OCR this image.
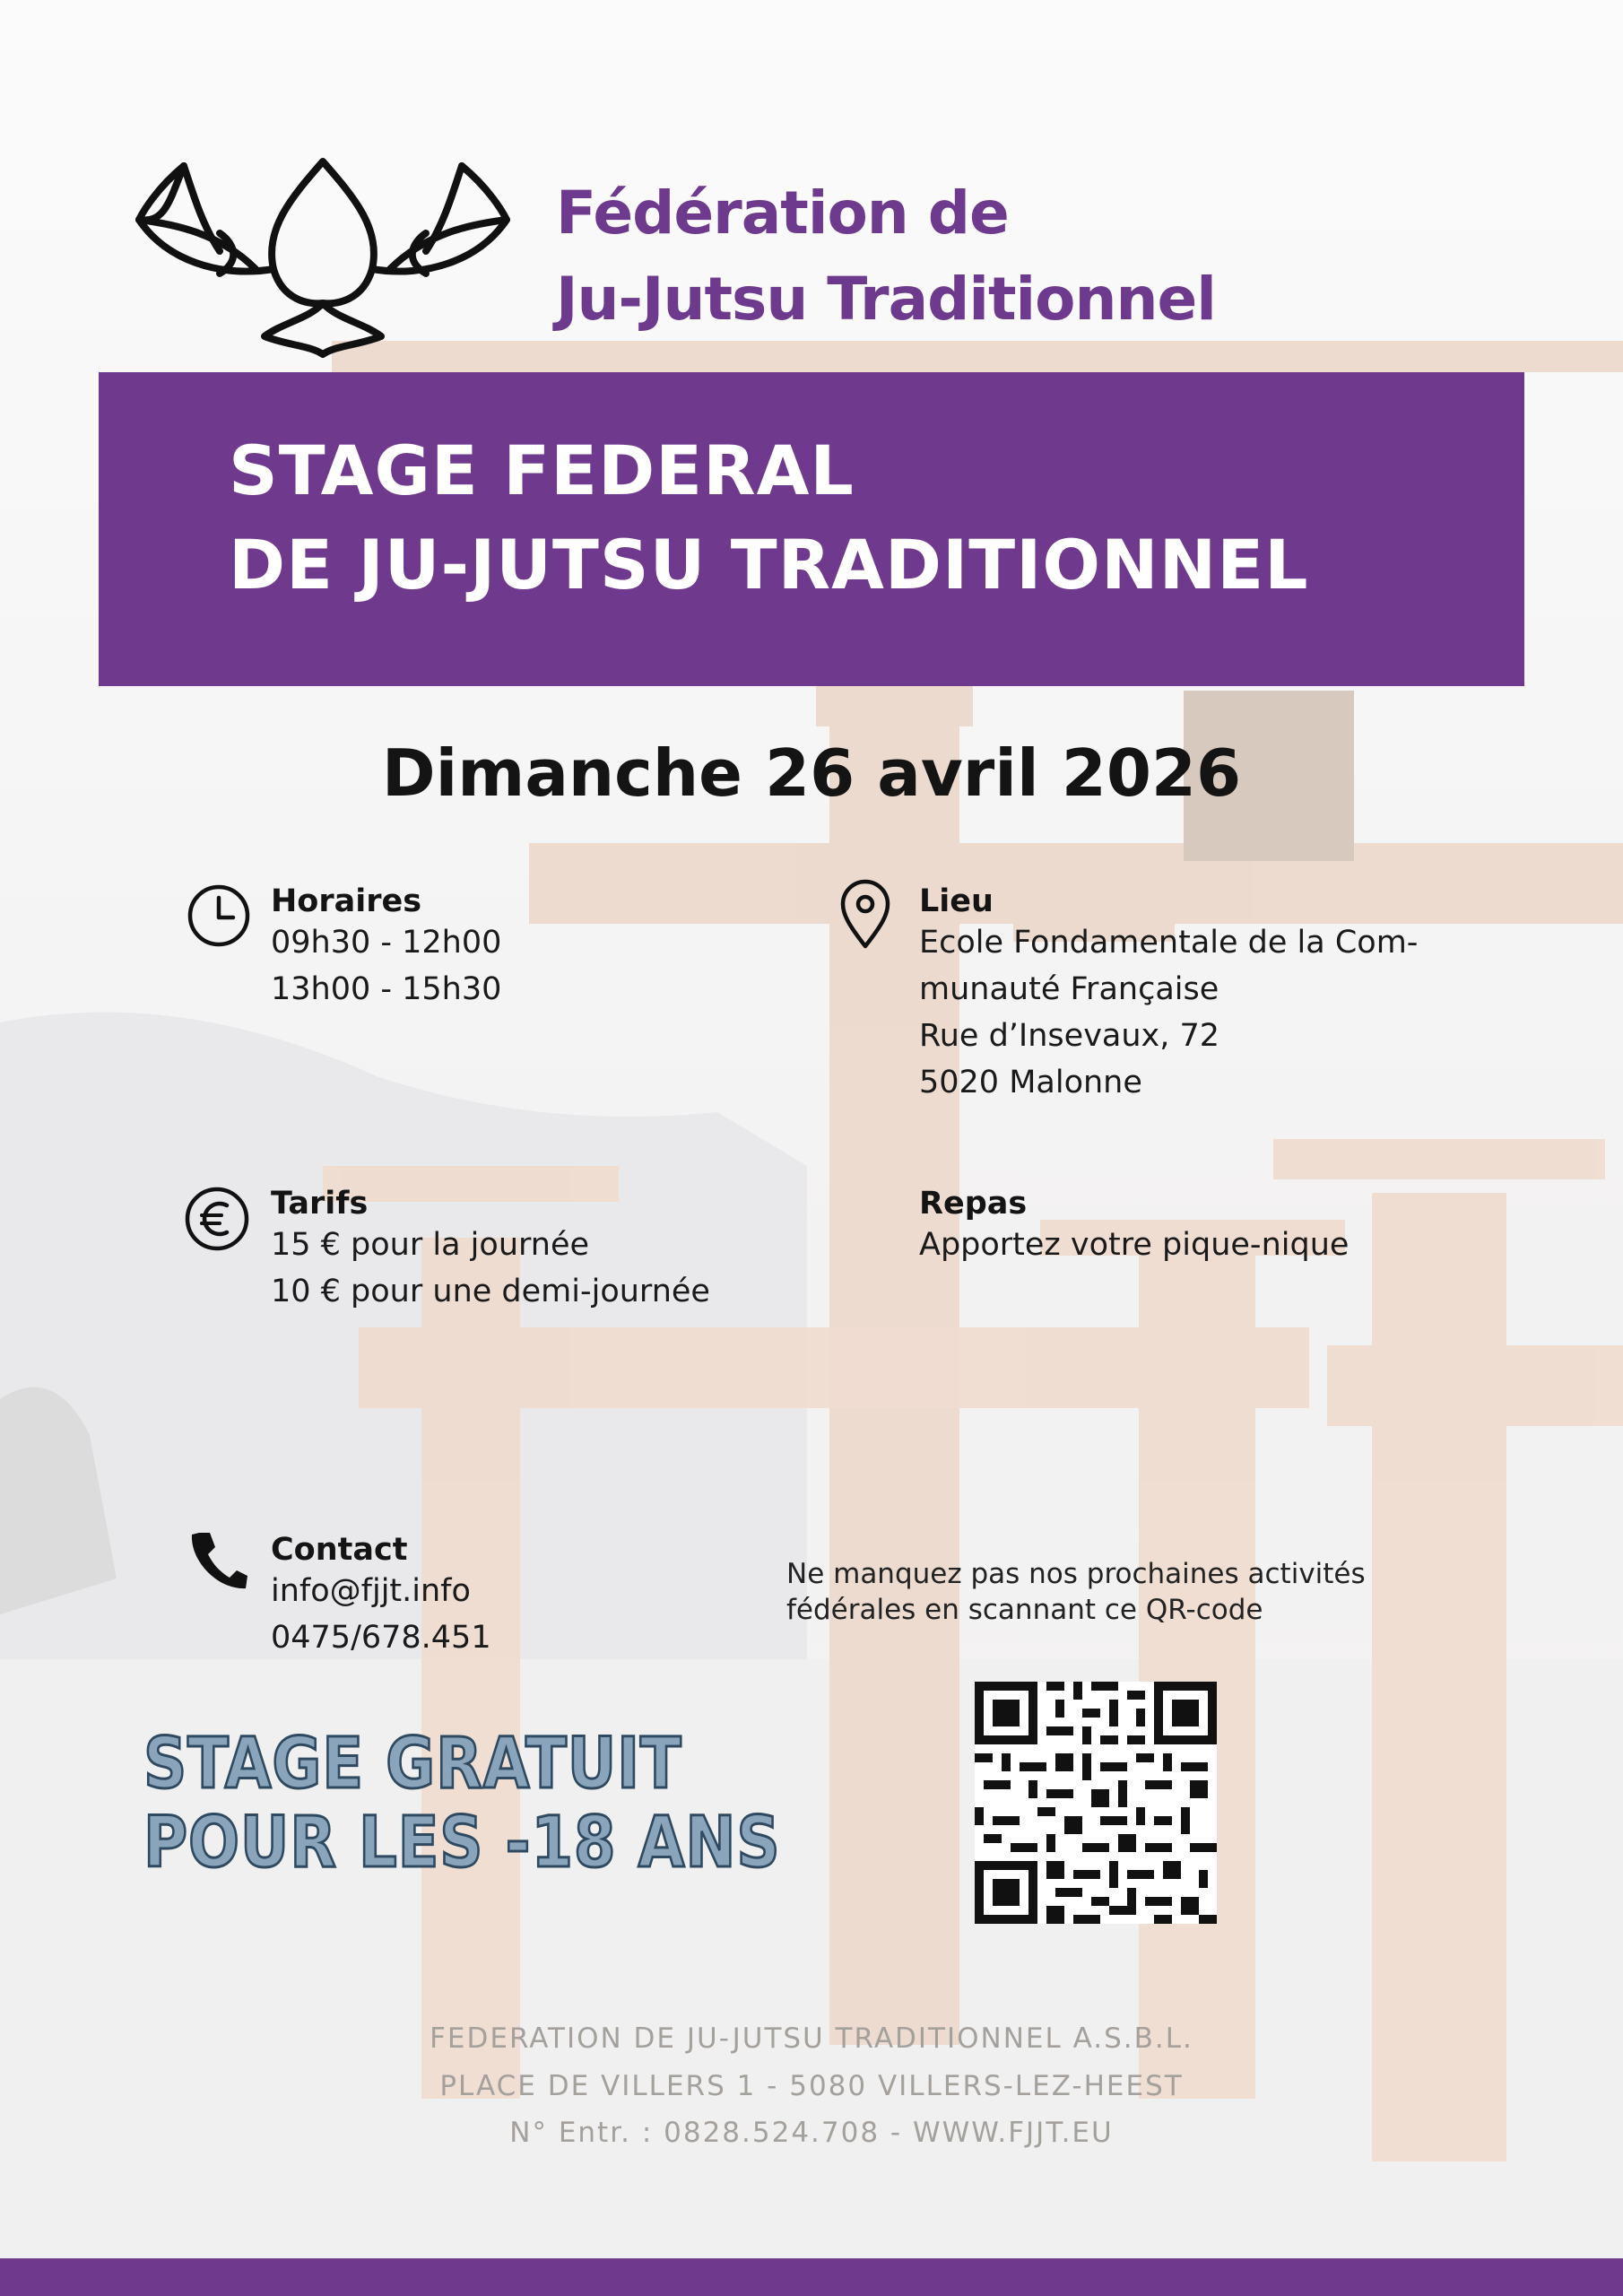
Fédération de
Ju-Jutsu Traditionnel
STAGE FEDERAL
DE JU-JUTSU TRADITIONNEL
Dimanche 26 avril 2026
Horaires
09h30 - 12h00
13h00 - 15h30
Lieu
Ecole Fondamentale de la Com-
munauté Française
Rue d’Insevaux, 72
5020 Malonne
Tarifs
15 € pour la journée
10 € pour une demi-journée
Repas
Apportez votre pique-nique
Contact
info@fjjt.info
0475/678.451
Ne manquez pas nos prochaines activités
fédérales en scannant ce QR-code
STAGE GRATUIT
POUR LES -18 ANS
FEDERATION DE JU-JUTSU TRADITIONNEL A.S.B.L.
PLACE DE VILLERS 1 - 5080 VILLERS-LEZ-HEEST
N° Entr. : 0828.524.708 - WWW.FJJT.EU
